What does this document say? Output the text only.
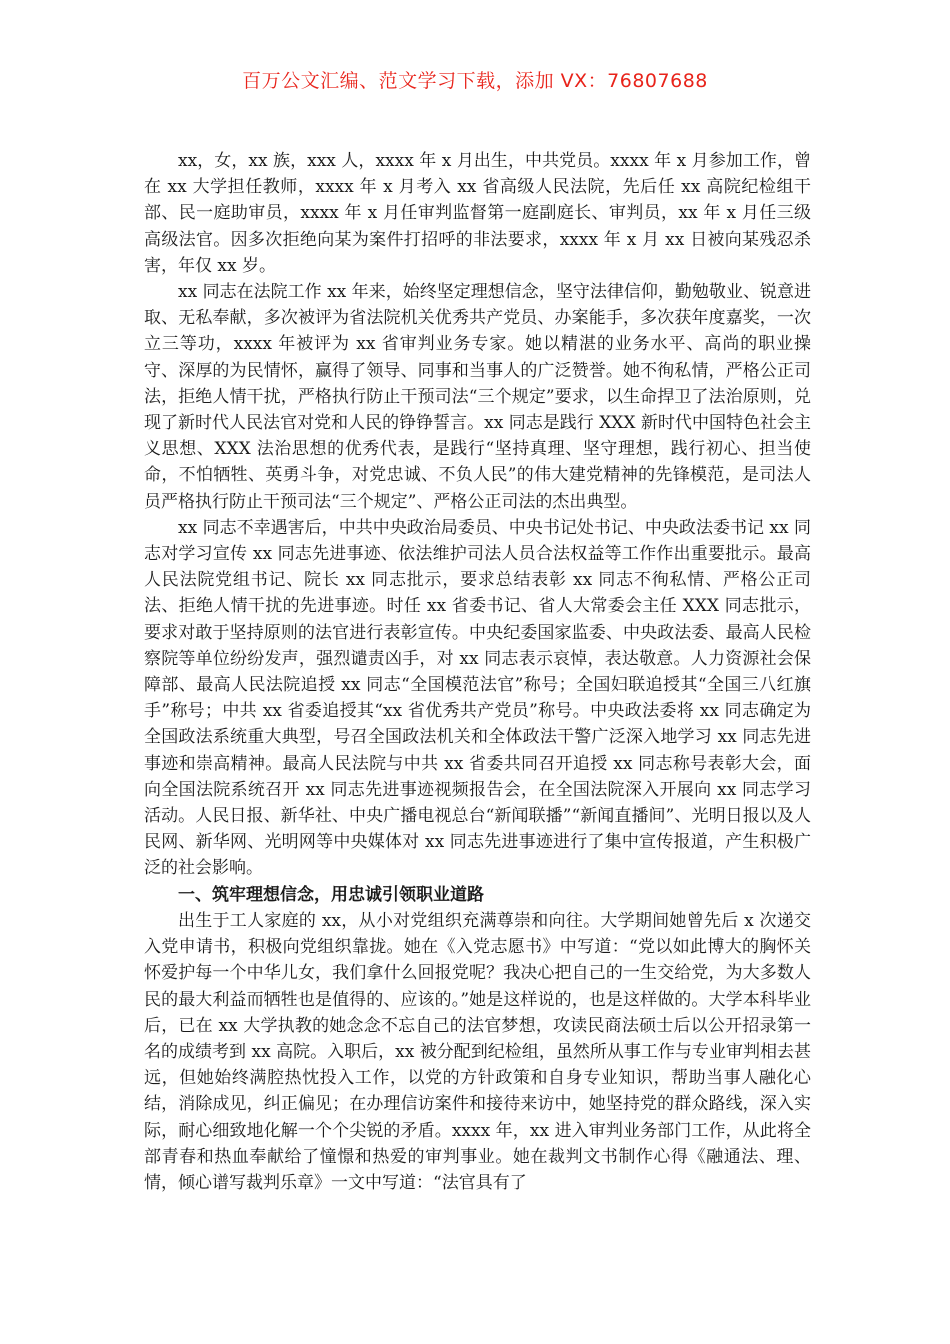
百万公文汇编、范文学习下载，添加 VX：76807688

xx，女，xx 族，xxx 人，xxxx 年 x 月出生，中共党员。xxxx 年 x 月参加工作，曾在 xx 大学担任教师，xxxx 年 x 月考入 xx 省高级人民法院，先后任 xx 高院纪检组干部、民一庭助审员，xxxx 年 x 月任审判监督第一庭副庭长、审判员，xx 年 x 月任三级高级法官。因多次拒绝向某为案件打招呼的非法要求，xxxx 年 x 月 xx 日被向某残忍杀害，年仅 xx 岁。

xx 同志在法院工作 xx 年来，始终坚定理想信念，坚守法律信仰，勤勉敬业、锐意进取、无私奉献，多次被评为省法院机关优秀共产党员、办案能手，多次获年度嘉奖，一次立三等功，xxxx 年被评为 xx 省审判业务专家。她以精湛的业务水平、高尚的职业操守、深厚的为民情怀，赢得了领导、同事和当事人的广泛赞誉。她不徇私情，严格公正司法，拒绝人情干扰，严格执行防止干预司法“三个规定”要求，以生命捍卫了法治原则，兑现了新时代人民法官对党和人民的铮铮誓言。xx 同志是践行 XXX 新时代中国特色社会主义思想、XXX 法治思想的优秀代表，是践行“坚持真理、坚守理想，践行初心、担当使命，不怕牺牲、英勇斗争，对党忠诚、不负人民”的伟大建党精神的先锋模范，是司法人员严格执行防止干预司法“三个规定”、严格公正司法的杰出典型。

xx 同志不幸遇害后，中共中央政治局委员、中央书记处书记、中央政法委书记 xx 同志对学习宣传 xx 同志先进事迹、依法维护司法人员合法权益等工作作出重要批示。最高人民法院党组书记、院长 xx 同志批示，要求总结表彰 xx 同志不徇私情、严格公正司法、拒绝人情干扰的先进事迹。时任 xx 省委书记、省人大常委会主任 XXX 同志批示，要求对敢于坚持原则的法官进行表彰宣传。中央纪委国家监委、中央政法委、最高人民检察院等单位纷纷发声，强烈谴责凶手，对 xx 同志表示哀悼，表达敬意。人力资源社会保障部、最高人民法院追授 xx 同志“全国模范法官”称号；全国妇联追授其“全国三八红旗手”称号；中共 xx 省委追授其“xx 省优秀共产党员”称号。中央政法委将 xx 同志确定为全国政法系统重大典型，号召全国政法机关和全体政法干警广泛深入地学习 xx 同志先进事迹和崇高精神。最高人民法院与中共 xx 省委共同召开追授 xx 同志称号表彰大会，面向全国法院系统召开 xx 同志先进事迹视频报告会，在全国法院深入开展向 xx 同志学习活动。人民日报、新华社、中央广播电视总台“新闻联播”“新闻直播间”、光明日报以及人民网、新华网、光明网等中央媒体对 xx 同志先进事迹进行了集中宣传报道，产生积极广泛的社会影响。

一、筑牢理想信念，用忠诚引领职业道路

出生于工人家庭的 xx，从小对党组织充满尊崇和向往。大学期间她曾先后 x 次递交入党申请书，积极向党组织靠拢。她在《入党志愿书》中写道：“党以如此博大的胸怀关怀爱护每一个中华儿女，我们拿什么回报党呢？我决心把自己的一生交给党，为大多数人民的最大利益而牺牲也是值得的、应该的。”她是这样说的，也是这样做的。大学本科毕业后，已在 xx 大学执教的她念念不忘自己的法官梦想，攻读民商法硕士后以公开招录第一名的成绩考到 xx 高院。入职后，xx 被分配到纪检组，虽然所从事工作与专业审判相去甚远，但她始终满腔热忱投入工作，以党的方针政策和自身专业知识，帮助当事人融化心结，消除成见，纠正偏见；在办理信访案件和接待来访中，她坚持党的群众路线，深入实际，耐心细致地化解一个个尖锐的矛盾。xxxx 年，xx 进入审判业务部门工作，从此将全部青春和热血奉献给了憧憬和热爱的审判事业。她在裁判文书制作心得《融通法、理、情，倾心谱写裁判乐章》一文中写道：“法官具有了
